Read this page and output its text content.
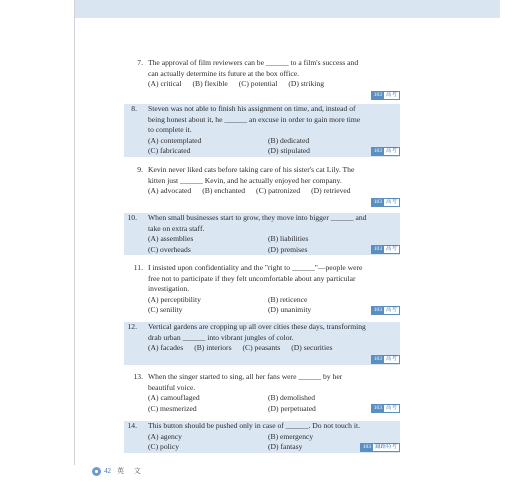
7. The approval of film reviewers can be ______ to a film's success and
can actually determine its future at the box office.
(A) critical (B) flexible (C) potential (D) striking
103 高考
8. Steven was not able to finish his assignment on time, and, instead of
being honest about it, he ______ an excuse in order to gain more time
to complete it.
(A) contemplated	(B) dedicated
(C) fabricated	(D) stipulated	103 高考
9. Kevin never liked cats before taking care of his sister's cat Lily. The
kitten just ______ Kevin, and he actually enjoyed her company.
(A) advocated (B) enchanted (C) patronized (D) retrieved
103 高考
10. When small businesses start to grow, they move into bigger ______ and
take on extra staff.
(A) assemblies	(B) liabilities
(C) overheads	(D) premises	103 高考
11. I insisted upon confidentiality and the "right to ______"—people were
free not to participate if they felt uncomfortable about any particular
investigation.
(A) perceptibility	(B) reticence
(C) senility	(D) unanimity	103 高考
12. Vertical gardens are cropping up all over cities these days, transforming
drab urban ______ into vibrant jungles of color.
(A) facades (B) interiors (C) peasants (D) securities
103 高考
13. When the singer started to sing, all her fans were ______ by her
beautiful voice.
(A) camouflaged	(B) demolished
(C) mesmerized	(D) perpetuated	103 高考
14. This button should be pushed only in case of ______. Do not touch it.
(A) agency	(B) emergency
(C) policy	(D) fantasy	103 鐵路特考
42 英 文
